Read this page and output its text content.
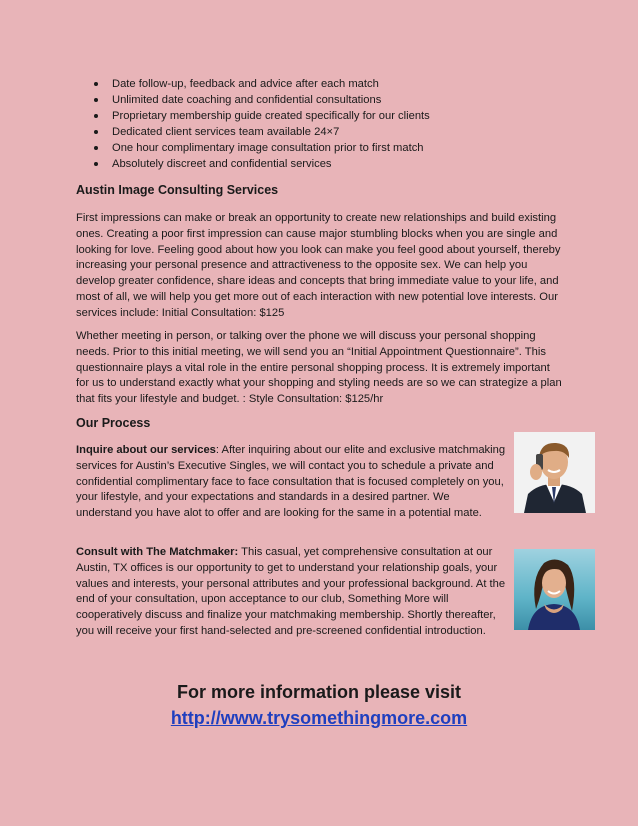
Date follow-up, feedback and advice after each match
Unlimited date coaching and confidential consultations
Proprietary membership guide created specifically for our clients
Dedicated client services team available 24×7
One hour complimentary image consultation prior to first match
Absolutely discreet and confidential services
Austin Image Consulting Services

First impressions can make or break an opportunity to create new relationships and build existing ones. Creating a poor first impression can cause major stumbling blocks when you are single and looking for love. Feeling good about how you look can make you feel good about yourself, thereby increasing your personal presence and attractiveness to the opposite sex. We can help you develop greater confidence, share ideas and concepts that bring immediate value to your life, and most of all, we will help you get more out of each interaction with new potential love interests. Our services include: Initial Consultation: $125

Whether meeting in person, or talking over the phone we will discuss your personal shopping needs. Prior to this initial meeting, we will send you an “Initial Appointment Questionnaire”. This questionnaire plays a vital role in the entire personal shopping process. It is extremely important for us to understand exactly what your shopping and styling needs are so we can strategize a plan that fits your lifestyle and budget. : Style Consultation: $125/hr

Our Process

Inquire about our services: After inquiring about our elite and exclusive matchmaking services for Austin’s Executive Singles, we will contact you to schedule a private and confidential complimentary face to face consultation that is focused completely on you, your lifestyle, and your expectations and standards in a desired partner. We understand you have alot to offer and are looking for the same in a potential mate.

Consult with The Matchmaker: This casual, yet comprehensive consultation at our Austin, TX offices is our opportunity to get to understand your relationship goals, your values and interests, your personal attributes and your professional background. At the end of your consultation, upon acceptance to our club, Something More will cooperatively discuss and finalize your matchmaking membership. Shortly thereafter, you will receive your first hand-selected and pre-screened confidential introduction.

For more information please visit
http://www.trysomethingmore.com
